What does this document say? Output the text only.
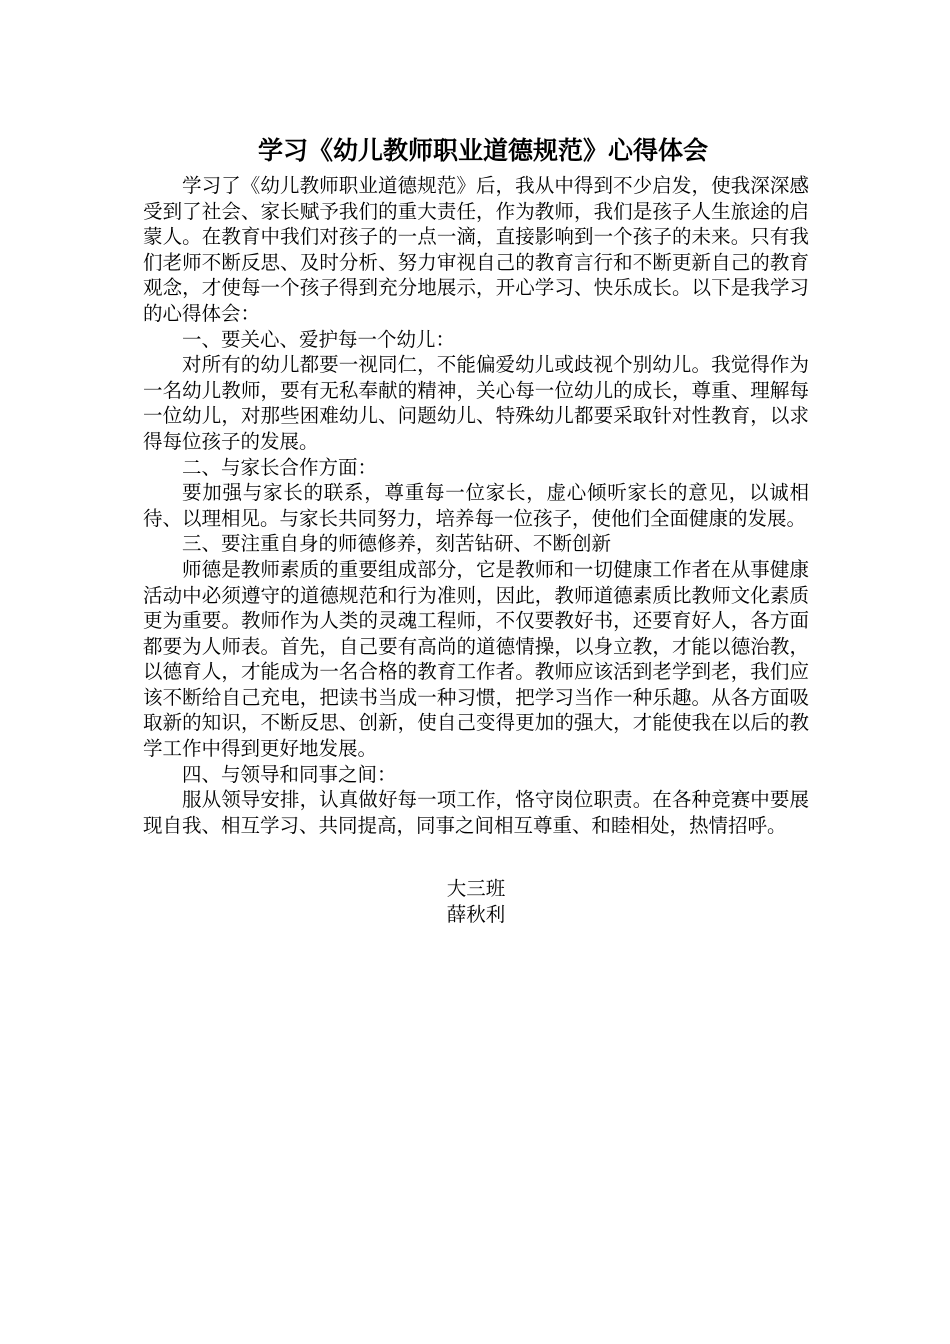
学习《幼儿教师职业道德规范》心得体会

学习了《幼儿教师职业道德规范》后，我从中得到不少启发，使我深深感受到了社会、家长赋予我们的重大责任，作为教师，我们是孩子人生旅途的启蒙人。在教育中我们对孩子的一点一滴，直接影响到一个孩子的未来。只有我们老师不断反思、及时分析、努力审视自己的教育言行和不断更新自己的教育观念，才使每一个孩子得到充分地展示，开心学习、快乐成长。以下是我学习的心得体会：

一、要关心、爱护每一个幼儿：

对所有的幼儿都要一视同仁，不能偏爱幼儿或歧视个别幼儿。我觉得作为一名幼儿教师，要有无私奉献的精神，关心每一位幼儿的成长，尊重、理解每一位幼儿，对那些困难幼儿、问题幼儿、特殊幼儿都要采取针对性教育，以求得每位孩子的发展。

二、与家长合作方面：

要加强与家长的联系，尊重每一位家长，虚心倾听家长的意见，以诚相待、以理相见。与家长共同努力，培养每一位孩子，使他们全面健康的发展。

三、要注重自身的师德修养，刻苦钻研、不断创新

师德是教师素质的重要组成部分，它是教师和一切健康工作者在从事健康活动中必须遵守的道德规范和行为准则，因此，教师道德素质比教师文化素质更为重要。教师作为人类的灵魂工程师，不仅要教好书，还要育好人，各方面都要为人师表。首先，自己要有高尚的道德情操，以身立教，才能以德治教，以德育人，才能成为一名合格的教育工作者。教师应该活到老学到老，我们应该不断给自己充电，把读书当成一种习惯，把学习当作一种乐趣。从各方面吸取新的知识，不断反思、创新，使自己变得更加的强大，才能使我在以后的教学工作中得到更好地发展。

四、与领导和同事之间：

服从领导安排，认真做好每一项工作，恪守岗位职责。在各种竞赛中要展现自我、相互学习、共同提高，同事之间相互尊重、和睦相处，热情招呼。

大三班
薛秋利
